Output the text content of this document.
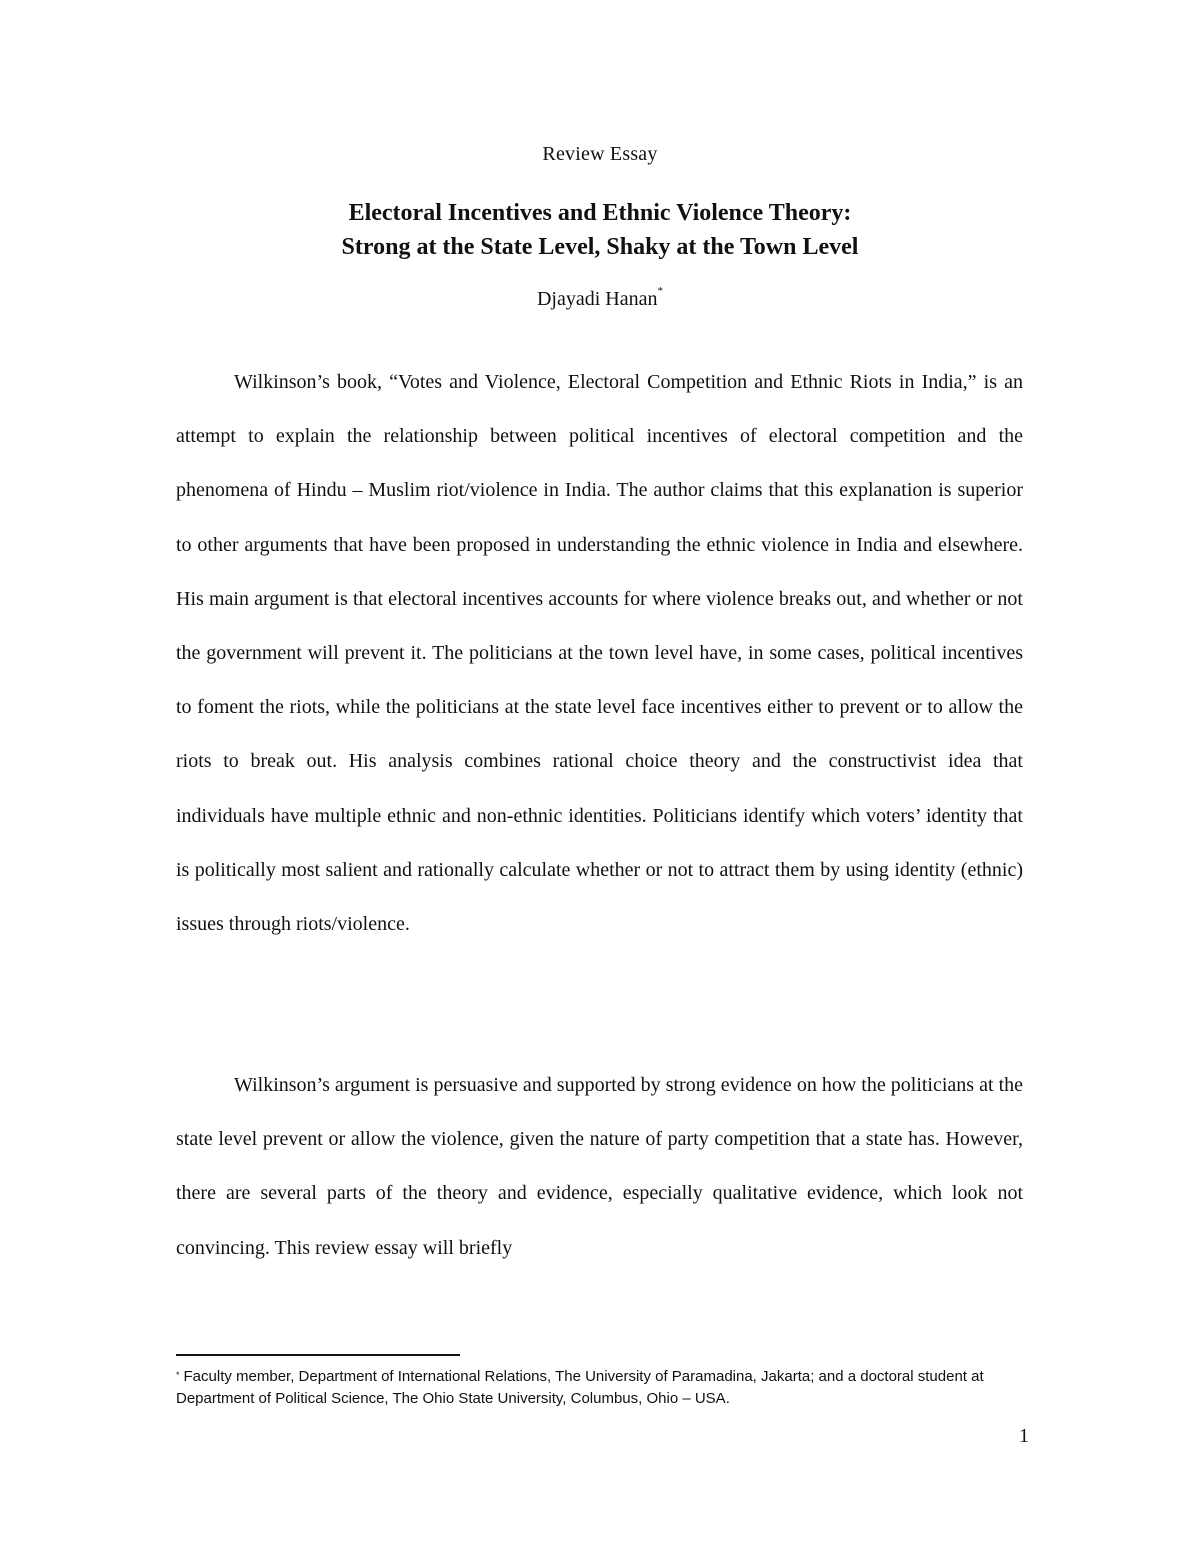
Review Essay
Electoral Incentives and Ethnic Violence Theory:
Strong at the State Level, Shaky at the Town Level
Djayadi Hanan*

Wilkinson’s book, “Votes and Violence, Electoral Competition and Ethnic Riots in India,” is an attempt to explain the relationship between political incentives of electoral competition and the phenomena of Hindu – Muslim riot/violence in India. The author claims that this explanation is superior to other arguments that have been proposed in understanding the ethnic violence in India and elsewhere. His main argument is that electoral incentives accounts for where violence breaks out, and whether or not the government will prevent it. The politicians at the town level have, in some cases, political incentives to foment the riots, while the politicians at the state level face incentives either to prevent or to allow the riots to break out. His analysis combines rational choice theory and the constructivist idea that individuals have multiple ethnic and non-ethnic identities. Politicians identify which voters’ identity that is politically most salient and rationally calculate whether or not to attract them by using identity (ethnic) issues through riots/violence.

Wilkinson’s argument is persuasive and supported by strong evidence on how the politicians at the state level prevent or allow the violence, given the nature of party competition that a state has. However, there are several parts of the theory and evidence, especially qualitative evidence, which look not convincing. This review essay will briefly

* Faculty member, Department of International Relations, The University of Paramadina, Jakarta; and a doctoral student at Department of Political Science, The Ohio State University, Columbus, Ohio – USA.
1
